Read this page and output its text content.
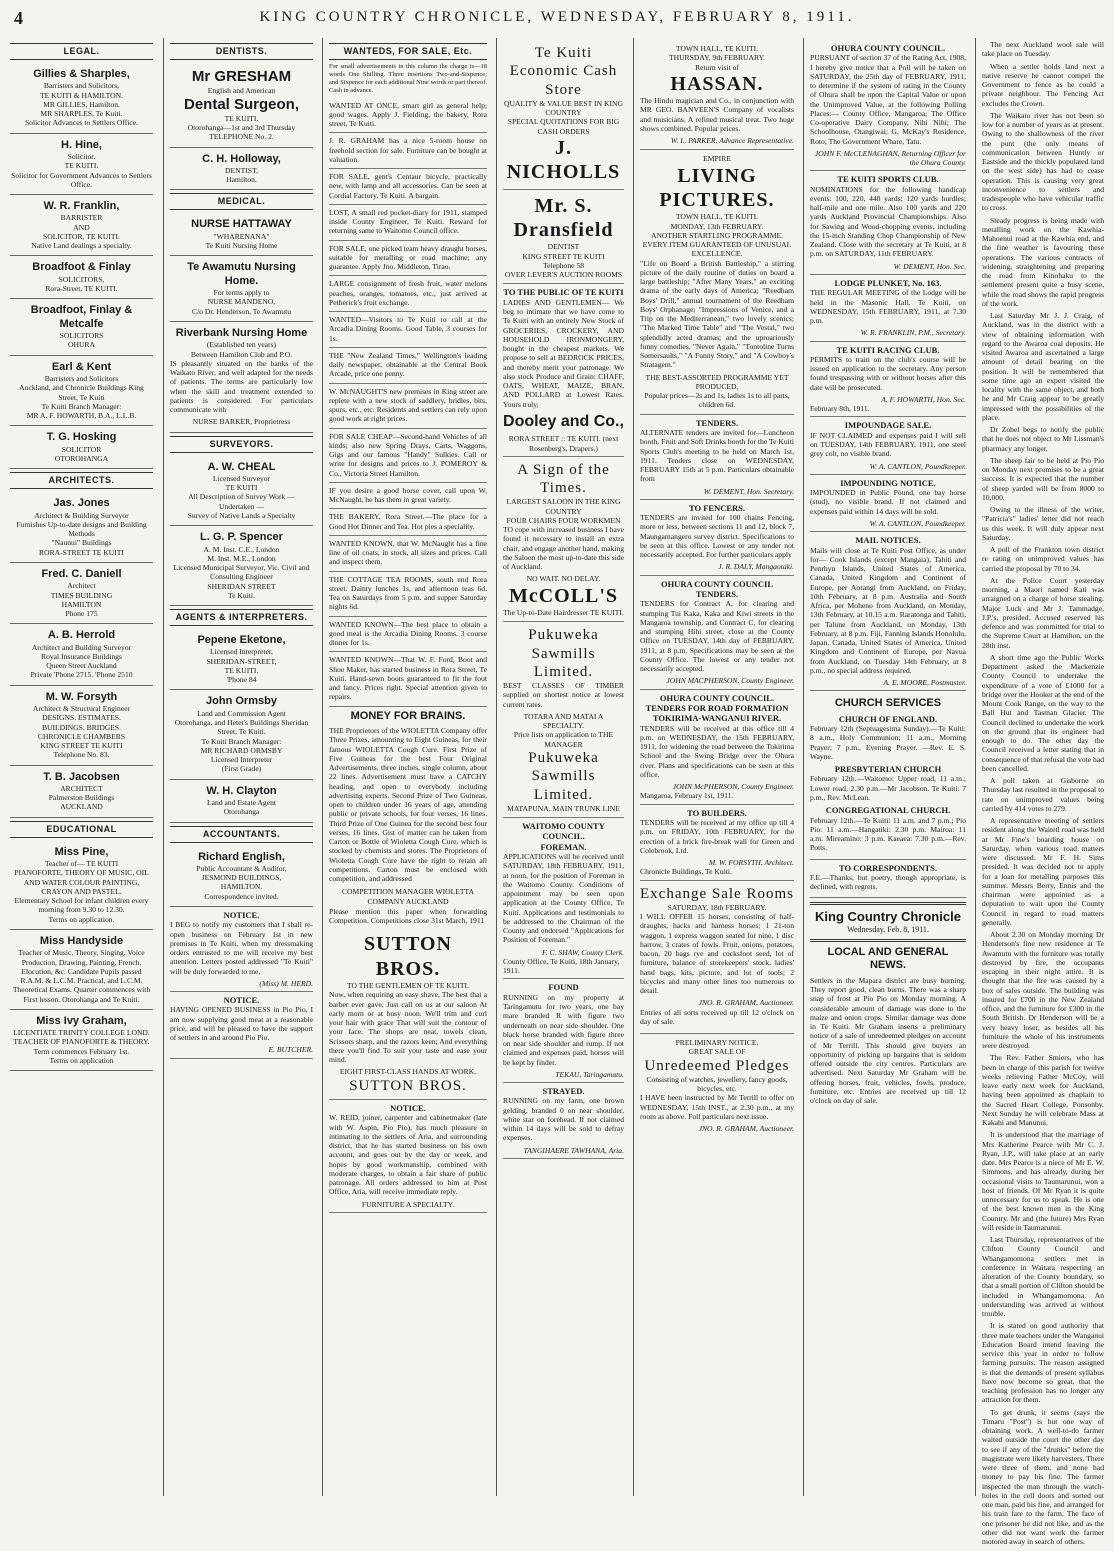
4	KING COUNTRY CHRONICLE, WEDNESDAY, FEBRUARY 8, 1911.
LEGAL.
Gillies & Sharples,
Barristers and Solicitors,
TE KUITI & HAMILTON.
MR GILLIES, Hamilton.
MR SHARPLES, Te Kuiti.
Solicitor Advances to Settlers Office.
H. Hine,
Solicitor.
TE KUITI.
Solicitor for Government Advances to Settlers Office.
W. R. Franklin,
BARRISTER
AND
SOLICITOR, TE KUITI.
Native Land dealings a specialty.
Broadfoot & Finlay
SOLICITORS,
Rora-Street, TE KUITI.
Broadfoot, Finlay & Metcalfe
SOLICITORS
OHURA
Earl & Kent
Barristers and Solicitors
Auckland, and Chronicle Buildings King Street, Te Kuiti
Te Kuiti Branch Manager:
MR A. F. HOWARTH, B.A., L.L.B.
T. G. Hosking
SOLICITOR
OTOROHANGA
ARCHITECTS.
Jas. Jones
Architect & Building Surveyor
Furnishes Up-to-date designs and Building Methods
"Naunui" Buildings
RORA-STREET TE KUITI
Fred. C. Daniell
Architect
TIMES BUILDING
HAMILTON
Phone 175
A. B. Herrold
Architect and Building Surveyor
Royal Insurance Buildings
Queen Street Auckland
Private 'Phone 2715. 'Phone 2510
M. W. Forsyth
Architect & Structural Engineer
DESIGNS. ESTIMATES.
BUILDINGS. BRIDGES.
CHRONICLE CHAMBERS
KING STREET TE KUITI
Telephone No. 83.
T. B. Jacobsen
ARCHITECT
Palmerston Buildings
AUCKLAND
EDUCATIONAL
Miss Pine,
Teacher of— TE KUITI
PIANOFORTE, THEORY OF MUSIC, OIL AND WATER COLOUR PAINTING, CRAYON AND PASTEL.
Elementary School for infant children every morning from 9.30 to 12.30.
Terms on application.
Miss Handyside
Teacher of Music, Theory, Singing, Voice Production, Drawing, Painting, French, Elocution, &c. Candidate Pupils passed R.A.M. & L.C.M. Practical, and L.C.M. Theoretical Exams. Quarter commences with First lesson. Otorohanga and Te Kuiti.
Miss Ivy Graham,
LICENTIATE TRINITY COLLEGE LOND.
TEACHER OF PIANOFORTE & THEORY.
Term commences February 1st.
Terms on application
DENTISTS.
Mr GRESHAM
English and American
Dental Surgeon,
TE KUITI.
Otorohanga—1st and 3rd Thursday
TELEPHONE No. 2.
C. H. Holloway,
DENTIST,
Hamilton.
MEDICAL.
NURSE HATTAWAY
"WHARENANA"
Te Kuiti Nursing Home
Te Awamutu Nursing Home.
For terms apply to
NURSE MANDENO,
C/o Dr. Henderson, Te Awamutu
Riverbank Nursing Home
(Established ten years)
Between Hamilton Club and P.O.

IS pleasantly situated on the banks of the Waikato River, and well adapted for the needs of patients. The terms are particularly low when the skill and treatment extended to patients is considered. For particulars communicate with

NURSE BARKER, Proprietress
SURVEYORS.
A. W. CHEAL
Licensed Surveyor
TE KUITI
All Description of Survey Work — Undertaken —
Survey of Native Lands a Specialty
L. G. P. Spencer
A. M. Inst. C.E., London
M. Inst. M.E., London
Licensed Municipal Surveyor, Vic. Civil and Consulting Engineer
SHERIDAN STREET
Te Kuiti.
AGENTS & INTERPRETERS.
Pepene Eketone,
Licensed Interpreter,
SHERIDAN-STREET,
TE KUITI.
'Phone 84
John Ormsby
Land and Commission Agent
Otorohanga, and Hetet's Buildings Sheridan Street, Te Kuiti.
Te Kuiti Branch Manager:
MR RICHARD ORMSBY
Licensed Interpreter
(First Grade)
W. H. Clayton
Land and Estate Agent
Otorohanga
ACCOUNTANTS.
Richard English,
Public Accountant & Auditor,
JESMOND BUILDINGS,
HAMILTON.
Correspondence invited.
NOTICE.

I BEG to notify my customers that I shall re-open business on February 1st in new premises in Te Kuiti, when my dressmaking orders entrusted to me will receive my best attention. Letters posted addressed "Te Kuiti" will be duly forwarded to me.

(Miss) M. HERD.
NOTICE.

HAVING OPENED BUSINESS in Pio Pio, I am now supplying good meat at a reasonable price, and will be pleased to have the support of settlers in and around Pio Pio.

E. BUTCHER.
WANTEDS, FOR SALE, Etc.

For small advertisements in this column the charge is—18 words One Shilling. Three insertions Two-and-Sixpence; and Sixpence for each additional Nine words or part thereof. Cash in advance.

WANTED AT ONCE, smart girl as general help; good wages. Apply J. Fielding, the bakery, Rora street, Te Kuiti.
J. R. GRAHAM has a nice 5-room house on freehold section for sale. Furniture can be bought at valuation.
FOR SALE, gent's Centaur bicycle, practically new, with lamp and all accessories. Can be seen at Cordial Factory, Te Kuiti. A bargain.
LOST, A small red pocket-diary for 1911, stamped inside County Engineer, Te Kuiti. Reward for returning same to Waitomo Council office.
FOR SALE, one picked team heavy draught horses, suitable for metalling or road machine; any guarantee. Apply Jno. Middleton, Tirao.
LARGE consignment of fresh fruit, water melons peaches, oranges, tomatoes, etc., just arrived at Petherick's fruit exchange.
WANTED—Visitors to Te Kuiti to call at the Arcadia Dining Rooms. Good Table, 3 courses for 1s.
THE "New Zealand Times," Wellington's leading daily newspaper, obtainable at the Central Book Arcade, price one penny.
W. McNAUGHT'S new premises in King street are replete with a new stock of saddlery, bridles, bits, spurs, etc., etc. Residents and settlers can rely upon good work at right prices.
FOR SALE CHEAP—Second-hand Vehicles of all kinds; also new Spring Drays, Carts, Waggons, Gigs and our famous "Handy" Sulkies. Call or write for designs and prices to J. POMEROY & Co., Victoria Street Hamilton.
IF you desire a good horse cover, call upon W. McNaught, he has them in great variety.
THE BAKERY, Rora Street.—The place for a Good Hot Dinner and Tea. Hot pies a speciality.
WANTED KNOWN, that W. McNaught has a fine line of oil coats, in stock, all sizes and prices. Call and inspect them.
THE COTTAGE TEA ROOMS, south end Rora street. Dainty lunches 1s, and afternoon teas 6d. Tea on Saturdays from 5 p.m. and supper Saturday nights 6d.
WANTED KNOWN—The best place to obtain a good meal is the Arcadia Dining Rooms. 3 course dinner for 1s.
WANTED KNOWN—That W. F. Ford, Boot and Shoe Maker, has started business in Rora Street, Te Kuiti. Hand-sewn boots guaranteed to fit the foot and fancy. Prices right. Special attention given to repairs.
MONEY FOR BRAINS.

THE Proprietors of the WIOLETTA Company offer Three Prizes, amounting to Eight Guineas, for their famous WIOLETTA Cough Cure. First Prize of Five Guineas for the best Four Original Advertisements, three inches, single column, about 22 lines. Advertisement must have a CATCHY heading, and open to everybody including advertising experts. Second Prize of Two Guineas, open to children under 16 years of age, attending public or private schools, for four verses, 16 lines. Third Prize of One Guinea for the second best four verses, 16 lines. Gist of matter can be taken from Carton or Bottle of Wioletta Cough Cure, which is stocked by chemists and stores. The Proprietors of Wioletta Cough Cure have the right to retain all competitions. Carton must be enclosed with competition, and addressed

COMPETITION MANAGER WIOLETTA COMPANY AUCKLAND

Please mention this paper when forwarding Competition. Competitions close 31st March, 1911

SUTTON BROS.
TO THE GENTLEMEN OF TE KUITI.

Now, when requiring an easy shave, The best that a barber ever gave, Just call on us at our saloon At early morn or at busy noon. We'll trim and curl your hair with grace That will suit the contour of your face. The shops are neat, towels clean, Scissors sharp, and the razors keen; And everything there you'll find To suit your taste and ease your mind.

EIGHT FIRST-CLASS HANDS AT WORK.
SUTTON BROS.
NOTICE.

W. REID, joiner, carpenter and cabinetmaker (late with W. Aspin, Pio Pio), has much pleasure in intimating to the settlers of Aria, and surrounding district, that he has started business on his own account, and goes out by the day or week, and hopes by good workmanship, combined with moderate charges, to obtain a fair share of public patronage. All orders addressed to him at Post Office, Aria, will receive immediate reply.

FURNITURE A SPECIALTY.
Te Kuiti
Economic Cash Store
QUALITY & VALUE BEST IN KING COUNTRY
SPECIAL QUOTATIONS FOR BIG CASH ORDERS
J. NICHOLLS
Mr. S. Dransfield
DENTIST
KING STREET TE KUITI
Telephone 58
OVER LEVER'S AUCTION ROOMS
TO THE PUBLIC OF TE KUITI

LADIES AND GENTLEMEN— We beg to intimate that we have come to Te Kuiti with an entirely New Stock of GROCERIES, CROCKERY, AND HOUSEHOLD IRONMONGERY, bought in the cheapest markets. We propose to sell at BEDROCK PRICES, and thereby merit your patronage. We also stock Produce and Grain: CHAFF, OATS, WHEAT, MAIZE, BRAN, AND POLLARD at Lowest Rates. Yours truly,

Dooley and Co.,
RORA STREET :: TE KUITI. (next Rosenberg's, Drapers.)
A Sign of the Times.
LARGEST SALOON IN THE KING COUNTRY
FOUR CHAIRS FOUR WORKMEN

TO cope with increased business I have found it necessary to install an extra chair, and engage another hand, making the Saloon the most up-to-date this side of Auckland.

NO WAIT. NO DELAY.
McCOLL'S
The Up-to-Date Hairdresser TE KUITI.
Pukuweka Sawmills Limited.

BEST CLASSES OF TIMBER supplied on shortest notice at lowest current rates.

TOTARA AND MATAI A SPECIALTY.
Price lists on application to THE MANAGER
Pukuweka Sawmills Limited.
MATAPUNA. MAIN TRUNK LINE
WAITOMO COUNTY COUNCIL.
FOREMAN.

APPLICATIONS will be received until SATURDAY, 18th FEBRUARY, 1911, at noon, for the position of Foreman in the Waitomo County. Conditions of appointment may be seen upon application at the County Office, Te Kuiti. Applications and testimonials to be addressed to the Chairman of the County and endorsed "Applications for Position of Foreman."

F. C. SHAW, County Clerk.
County Office, Te Kuiti, 18th January, 1911.
FOUND

RUNNING on my property at Taringamutu for two years, one bay mare branded R with figure two underneath on near side shoulder. One black horse branded with figure three on near side shoulder and rump. If not claimed and expenses paid, horses will be kept by finder.

TEKAU, Taringamutu.
STRAYED.

RUNNING on my farm, one brown gelding, branded 0 on near shoulder, white star on forehead. If not claimed within 14 days will be sold to defray expenses.

TANGIHAERE TAWHANA, Aria.
TOWN HALL, TE KUITI.
THURSDAY, 9th FEBRUARY.
Return visit of
HASSAN.

The Hindu magician and Co., in conjunction with MR GEO. BANVEEN'S Company of vocalists and musicians. A refined musical treat. Two huge shows combined. Popular prices.

W. L. PARKER, Advance Representative.
EMPIRE
LIVING PICTURES.
TOWN HALL, TE KUITI.
MONDAY, 13th FEBRUARY.
ANOTHER STARTLING PROGRAMME.
EVERY ITEM GUARANTEED OF UNUSUAL EXCELLENCE.

"Life on Board a British Battleship," a stirring picture of the daily routine of duties on board a large battleship; "After Many Years," an exciting drama of the early days of America; "Reedham Boys' Drill," annual tournament of the Reedham Boys' Orphanage; "Impressions of Venice, and a Trip on the Mediterranean," two lovely scenics; "The Marked Time Table" and "The Vestal," two splendidly acted dramas; and the uproariously funny comedies, "Never Again," "Tontoline Turns Somersaults," "A Funny Story," and "A Cowboy's Stratagem."

THE BEST-ASSORTED PROGRAMME YET PRODUCED.
Popular prices—2s and 1s, ladies 1s to all parts, children 6d.
TENDERS.

ALTERNATE tenders are invited for—Luncheon booth, Fruit and Soft Drinks booth for the Te Kuiti Sports Club's meeting to be held on March 1st, 1911. Tenders close on WEDNESDAY, FEBRUARY 15th at 5 p.m. Particulars obtainable from

W. DEMENT, Hon. Secretary.
TO FENCERS.

TENDERS are invited for 100 chains Fencing, more or less, between sections 11 and 12, block 7, Maungamangero survey district. Specifications to be seen at this office. Lowest or any tender not necessarily accepted. For further particulars apply

J. R. DALY, Mangaotaki.
OHURA COUNTY COUNCIL
TENDERS.

TENDERS for Contract A, for clearing and stumping Tui Kaka, Kaka and Kiwi streets in the Mangaroa township, and Contract C, for clearing and stumping Hihi street, close at the County Office on TUESDAY, 14th day of FEBRUARY, 1911, at 8 p.m. Specifications may be seen at the County Office. The lowest or any tender not necessarily accepted.

JOHN MACPHERSON, County Engineer.
OHURA COUNTY COUNCIL.
TENDERS FOR ROAD FORMATION TOKIRIMA-WANGANUI RIVER.

TENDERS will be received at this office till 4 p.m. on WEDNESDAY, the 15th FEBRUARY, 1911, for widening the road between the Tokirima School and the Swing Bridge over the Ohura river. Plans and specifications can be seen at this office.

JOHN McPHERSON, County Engineer.
Mangaroa, February 1st, 1911.
TO BUILDERS.

TENDERS will be received at my office up till 4 p.m. on FRIDAY, 10th FEBRUARY, for the erection of a brick fire-break wall for Green and Colebrook, Ltd.

M. W. FORSYTH, Architect.
Chronicle Buildings, Te Kuiti.
Exchange Sale Rooms
SATURDAY, 18th FEBRUARY.

I WILL OFFER 15 horses, consisting of half-draughts, hacks and harness horses; 1 21-ton waggon, 1 express waggon seated for nine, 1 disc harrow, 3 crates of fowls. Fruit, onions, potatoes, bacon, 20 bags rye and cocksfoot seed, lot of furniture, balance of storekeepers' stock, ladies' hand bags, kits, picture, and lot of tools; 2 bicycles and many other lines too numerous to detail.

JNO. R. GRAHAM, Auctioneer.

Entries of all sorts received up till 12 o'clock on day of sale.

PRELIMINARY NOTICE.
GREAT SALE OF
Unredeemed Pledges
Consisting of watches, jewellery, fancy goods, bicycles, etc.

I HAVE been instructed by Mr Terrill to offer on WEDNESDAY, 15th INST., at 2.30 p.m., at my room as above. Full particulars next issue.

JNO. R. GRAHAM, Auctioneer.
OHURA COUNTY COUNCIL.

PURSUANT of section 37 of the Rating Act, 1908, I hereby give notice that a Poll will be taken on SATURDAY, the 25th day of FEBRUARY, 1911, to determine if the system of rating in the County of Ohura shall be upon the Capital Value or upon the Unimproved Value, at the following Polling Places:— County Office, Mangaroa; The Office Co-operative Dairy Company, Nihi Nihi; The Schoolhouse, Otangiwai; G. McKay's Residence, Roto; The Government Whare, Tatu.

JOHN F. McCLENAGHAN, Returning Officer for the Ohura County.
TE KUITI SPORTS CLUB.

NOMINATIONS for the following handicap events: 100, 220, 440 yards; 120 yards hurdles; half-mile and one mile. Also 100 yards and 220 yards Auckland Provincial Championships. Also for Sawing and Wood-chopping events, including the 15-inch Standing Chop Championship of New Zealand. Close with the secretary at Te Kuiti, at 8 p.m. on SATURDAY, 11th FEBRUARY.

W. DEMENT, Hon. Sec.
LODGE PLUNKET, No. 163.

THE REGULAR MEETING of the Lodge will be held in the Masonic Hall, Te Kuiti, on WEDNESDAY, 15th FEBRUARY, 1911, at 7.30 p.m.

W. R. FRANKLIN, P.M., Secretary.
TE KUITI RACING CLUB.

PERMITS to train on the club's course will be issued on application to the secretary. Any person found trespassing with or without horses after this date will be prosecuted.

A. F. HOWARTH, Hon. Sec.
February 8th, 1911.
IMPOUNDAGE SALE.

IF NOT CLAIMED and expenses paid I will sell on TUESDAY, 14th FEBRUARY, 1911, one steel grey colt, no visible brand.

W. A. CANTLON, Poundkeeper.
IMPOUNDING NOTICE.

IMPOUNDED in Public Pound, one bay horse (stud), no visible brand. If not claimed and expenses paid within 14 days will be sold.

W. A. CANTLON, Poundkeeper.
MAIL NOTICES.

Mails will close at Te Kuiti Post Office, as under for— Cook Islands (except Mangaia), Tahiti and Penrhyn Islands, United States of America, Canada, United Kingdom and Continent of Europe, per Aorangi from Auckland, on Friday, 10th February, at 8 p.m. Australia and South Africa, per Moheno from Auckland, on Monday, 13th February, at 10.15 a.m. Raratonga and Tahiti, per Talune from Auckland, on Monday, 13th February, at 8 p.m. Fiji, Fanning Islands Honolulu, Japan, Canada, United States of America, United Kingdom and Continent of Europe, per Navua from Auckland, on Tuesday 14th February, at 8 p.m., no special address required.

A. E. MOORE, Postmaster.
CHURCH SERVICES
CHURCH OF ENGLAND.

February 12th (Septuagesima Sunday).—Te Kuiti: 8 a.m., Holy Communion; 11 a.m., Morning Prayer; 7 p.m., Evening Prayer. —Rev. E. S. Wayne.

PRESBYTERIAN CHURCH

February 12th.—Waitomo: Upper road, 11 a.m.; Lower road, 2.30 p.m.—Mr Jacobson. Te Kuiti: 7 p.m., Rev. McLean.

CONGREGATIONAL CHURCH.

February 12th.—Te Kuiti: 11 a.m. and 7 p.m.; Pio Pio: 11 a.m.—Hangatiki: 2.30 p.m. Mairoa: 11 a.m. Mireamino: 3 p.m. Kaeaea: 7.30 p.m.—Rev. Potts.

TO CORRESPONDENTS.

F.E.—Thanks, but poetry, though appropriate, is declined, with regrets.

King Country Chronicle
Wednesday, Feb. 8, 1911.
LOCAL AND GENERAL NEWS.

Settlers in the Mapara district are busy burning. They report good, clean burns. There was a sharp snap of frost at Pio Pio on Monday morning. A considerable amount of damage was done to the maize and onion crops. Similar damage was done in Te Kuiti. Mr Graham inserts a preliminary notice of a sale of unredeemed pledges on account of Mr Terrill. This should give buyers an opportunity of picking up bargains that is seldom offered outside the city centres. Particulars are advertised. Next Saturday Mr Graham will be offering horses, fruit, vehicles, fowls, produce, furniture, etc. Entries are received up till 12 o'clock on day of sale.

The next Auckland wool sale will take place on Tuesday.

When a settler holds land next a native reserve he cannot compel the Government to fence as he could a private neighbour. The Fencing Act excludes the Crown.

The Waikato river has not been so low for a number of years as at present. Owing to the shallowness of the river the punt (the only means of communication between Huntly or Eastside and the thickly populated land on the west side) has had to cease operation. This is causing very great inconvenience to settlers and tradespeople who have vehicular traffic to cross.

Steady progress is being made with metalling work on the Kawhia-Mahoenui road at the Kawhia end, and the fine weather is favouring these operations. The various contracts of widening, straightening and preparing the road from Kinohaku to the settlement present quite a busy scene, while the road shows the rapid progress of the work.

Last Saturday Mr J. J. Craig, of Auckland, was in the district with a view of obtaining information with regard to the Awaroa coal deposits. He visited Awaroa and ascertained a large amount of detail bearing on the position. It will be remembered that some time ago an expert visited the locality with the same object, and both he and Mr Craig appear to be greatly impressed with the possibilities of the place.

Dr Zobel begs to notify the public that he does not object to Mr Lissman's pharmacy any longer.

The sheep fair to be held at Pio Pio on Monday next promises to be a great success. It is expected that the number of sheep yarded will be from 8000 to 10,000.

Owing to the illness of the writer, "Patricia's" ladies' letter did not reach us this week. It will duly appear next Saturday.

A poll of the Frankton town district re rating on unimproved values has carried the proposal by 70 to 34.

At the Police Court yesterday morning, a Maori named Kati was arraigned on a charge of horse stealing. Major Luck and Mr J. Tammadge, J.P.'s, presided. Accused reserved his defence and was committed for trial to the Supreme Court at Hamilton, on the 28th inst.

A short time ago the Public Works Department asked the Mackenzie County Council to undertake the expenditure of a vote of £1000 for a bridge over the Hooker at the end of the Mount Cook Range, on the way to the Ball Hut and Tasman Glacier. The Council declined to undertake the work on the ground that its engineer had enough to do. The other day the Council received a letter stating that in consequence of that refusal the vote had been cancelled.

A poll taken at Gisborne on Thursday last resulted in the proposal to rate on unimproved values being carried by 414 votes to 279.

A representative meeting of settlers resident along the Waitetl road was held at Mr Fine's boarding house on Saturday, when various road matters were discussed. Mr F. H. Sims presided. It was decided not to apply for a loan for metalling purposes this summer. Messrs Berry, Ennis and the chairman were appointed as a deputation to wait upon the County Council in regard to road matters generally.

About 2.30 on Monday morning Dr Henderson's fine new residence at Te Awamutu with the furniture was totally destroyed by fire, the occupants escaping in their night attire. It is thought that the fire was caused by a box of safes outside. The building was insured for £700 in the New Zealand office, and the furniture for £300 in the South British. Dr Henderson will be a very heavy loser, as besides all his furniture the whole of his instruments were destroyed.

The Rev. Father Smiers, who has been in charge of this parish for twelve weeks relieving Father McCoy, will leave early next week for Auckland, having been appointed as chaplain to the Sacred Heart College, Ponsonby. Next Sunday he will celebrate Mass at Kakahi and Manunui.

It is understood that the marriage of Mrs Katherine Pearce with Mr C. J. Ryan, J.P., will take place at an early date. Mrs Pearce is a niece of Mr E. W. Simmons, and has already, during her occasional visits to Taumarunui, won a host of friends. Of Mr Ryan it is quite unnecessary for us to speak. He is one of the best known men in the King Country. Mr and (the future) Mrs Ryan will reside in Taumarunui.

Last Thursday, representatives of the Clifton County Council and Whangamomona settlers met in conference in Waitara respecting an alteration of the County boundary, so that a small portion of Clifton should be included in Whangamomona. An understanding was arrived at without trouble.

It is stated on good authority that three male teachers under the Wanganui Education Board intend leaving the service this year in order to follow farming pursuits. The reason assigned is that the demands of present syllabus have now become so great, that the teaching profession has no longer any attraction for them.

To get drunk, it seems (says the Timaru "Post") is but one way of obtaining work. A well-to-do farmer waited outside the court the other day to see if any of the "drunks" before the magistrate were likely harvesters. There were three of them, and none had money to pay his fine. The farmer inspected the man through the watch-holes in the cell doors and sorted out one man, paid his fine, and arranged for his train fare to the farm. The face of one prisoner he did not like, and as the other did not want work the farmer motored away in search of others.
